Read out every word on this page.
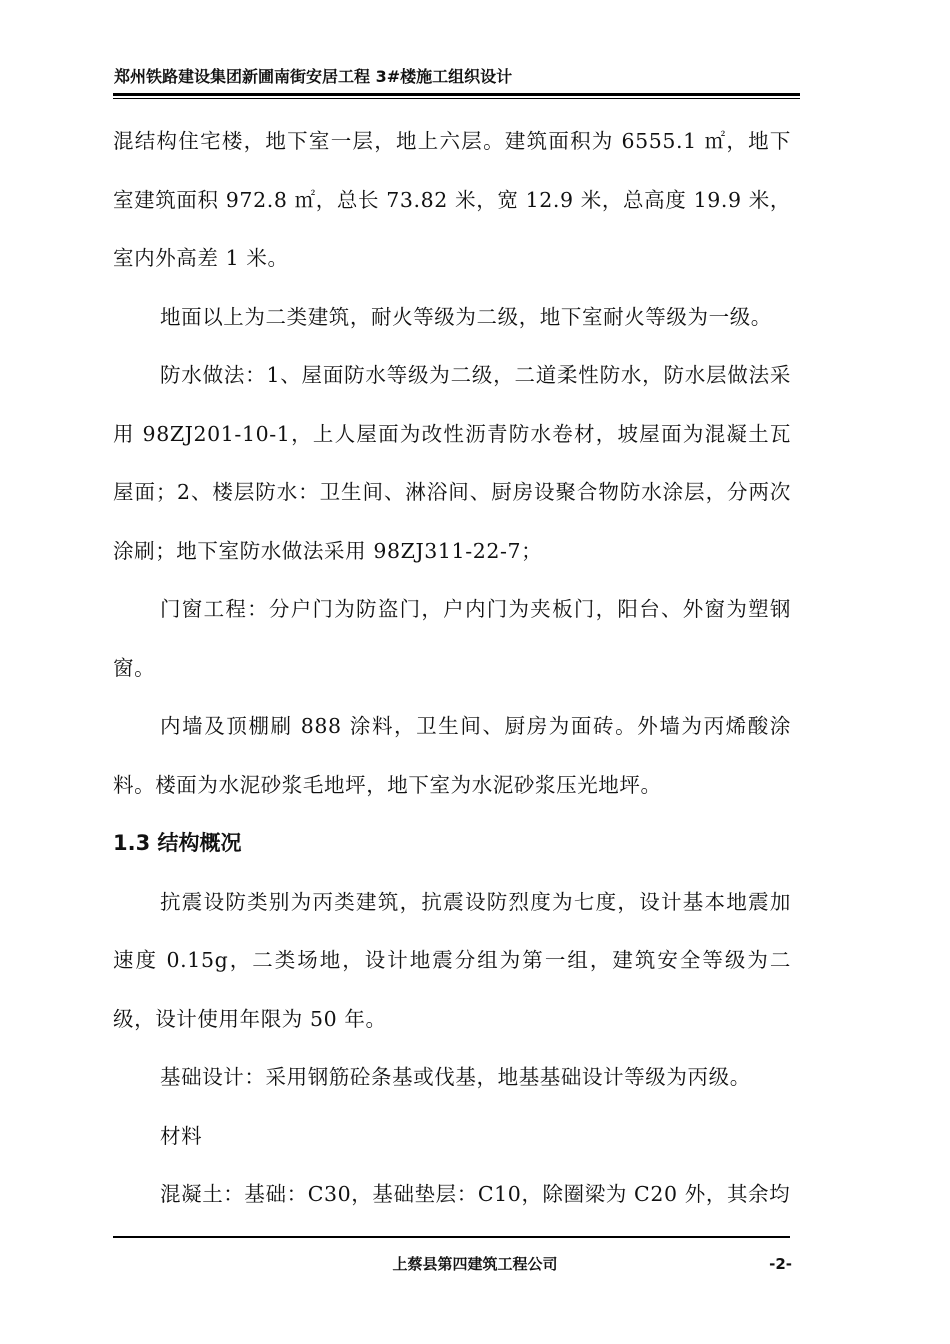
郑州铁路建设集团新圃南街安居工程 3#楼施工组织设计

混结构住宅楼，地下室一层，地上六层。建筑面积为 6555.1 ㎡，地下室建筑面积 972.8 ㎡，总长 73.82 米，宽 12.9 米，总高度 19.9 米，室内外高差 1 米。

地面以上为二类建筑，耐火等级为二级，地下室耐火等级为一级。

防水做法：1、屋面防水等级为二级，二道柔性防水，防水层做法采用 98ZJ201-10-1，上人屋面为改性沥青防水卷材，坡屋面为混凝土瓦屋面；2、楼层防水：卫生间、淋浴间、厨房设聚合物防水涂层，分两次涂刷；地下室防水做法采用 98ZJ311-22-7；

门窗工程：分户门为防盗门，户内门为夹板门，阳台、外窗为塑钢窗。

内墙及顶棚刷 888 涂料，卫生间、厨房为面砖。外墙为丙烯酸涂料。楼面为水泥砂浆毛地坪，地下室为水泥砂浆压光地坪。

1.3 结构概况

抗震设防类别为丙类建筑，抗震设防烈度为七度，设计基本地震加速度 0.15g，二类场地，设计地震分组为第一组，建筑安全等级为二级，设计使用年限为 50 年。

基础设计：采用钢筋砼条基或伐基，地基基础设计等级为丙级。

材料

混凝土：基础：C30，基础垫层：C10，除圈梁为 C20 外，其余均

上蔡县第四建筑工程公司	-2-
